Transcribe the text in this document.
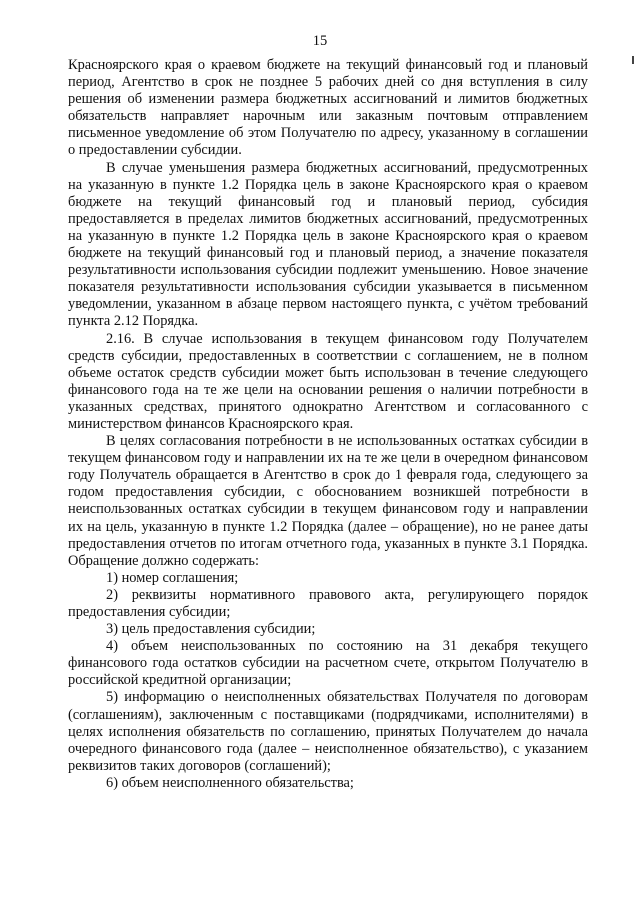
15

Красноярского края о краевом бюджете на текущий финансовый год и плановый период, Агентство в срок не позднее 5 рабочих дней со дня вступления в силу решения об изменении размера бюджетных ассигнований и лимитов бюджетных обязательств направляет нарочным или заказным почтовым отправлением письменное уведомление об этом Получателю по адресу, указанному в соглашении о предоставлении субсидии.

В случае уменьшения размера бюджетных ассигнований, предусмотренных на указанную в пункте 1.2 Порядка цель в законе Красноярского края о краевом бюджете на текущий финансовый год и плановый период, субсидия предоставляется в пределах лимитов бюджетных ассигнований, предусмотренных на указанную в пункте 1.2 Порядка цель в законе Красноярского края о краевом бюджете на текущий финансовый год и плановый период, а значение показателя результативности использования субсидии подлежит уменьшению. Новое значение показателя результативности использования субсидии указывается в письменном уведомлении, указанном в абзаце первом настоящего пункта, с учётом требований пункта 2.12 Порядка.

2.16. В случае использования в текущем финансовом году Получателем средств субсидии, предоставленных в соответствии с соглашением, не в полном объеме остаток средств субсидии может быть использован в течение следующего финансового года на те же цели на основании решения о наличии потребности в указанных средствах, принятого однократно Агентством и согласованного с министерством финансов Красноярского края.

В целях согласования потребности в не использованных остатках субсидии в текущем финансовом году и направлении их на те же цели в очередном финансовом году Получатель обращается в Агентство в срок до 1 февраля года, следующего за годом предоставления субсидии, с обоснованием возникшей потребности в неиспользованных остатках субсидии в текущем финансовом году и направлении их на цель, указанную в пункте 1.2 Порядка (далее – обращение), но не ранее даты предоставления отчетов по итогам отчетного года, указанных в пункте 3.1 Порядка. Обращение должно содержать:

1) номер соглашения;

2) реквизиты нормативного правового акта, регулирующего порядок предоставления субсидии;

3) цель предоставления субсидии;

4) объем неиспользованных по состоянию на 31 декабря текущего финансового года остатков субсидии на расчетном счете, открытом Получателю в российской кредитной организации;

5) информацию о неисполненных обязательствах Получателя по договорам (соглашениям), заключенным с поставщиками (подрядчиками, исполнителями) в целях исполнения обязательств по соглашению, принятых Получателем до начала очередного финансового года (далее – неисполненное обязательство), с указанием реквизитов таких договоров (соглашений);

6) объем неисполненного обязательства;
